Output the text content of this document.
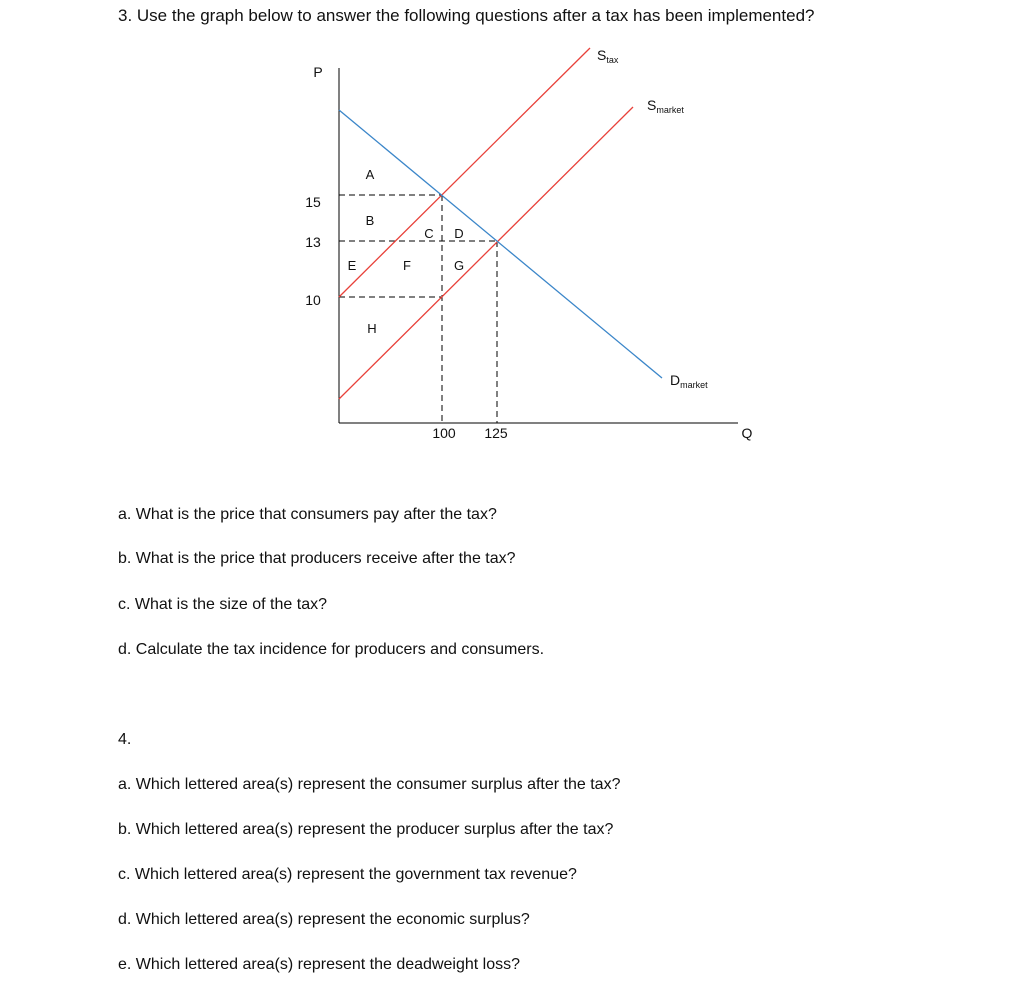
3. Use the graph below to answer the following questions after a tax has been implemented?
P
Q
$S_{tax}$
$S_{market}$
$D_{market}$
15
13
10
100 125
A
B
C D
E	F	G
H

a. What is the price that consumers pay after the tax?

b. What is the price that producers receive after the tax?

c. What is the size of the tax?

d. Calculate the tax incidence for producers and consumers.

4.

a. Which lettered area(s) represent the consumer surplus after the tax?

b. Which lettered area(s) represent the producer surplus after the tax?

c. Which lettered area(s) represent the government tax revenue?

d. Which lettered area(s) represent the economic surplus?

e. Which lettered area(s) represent the deadweight loss?
